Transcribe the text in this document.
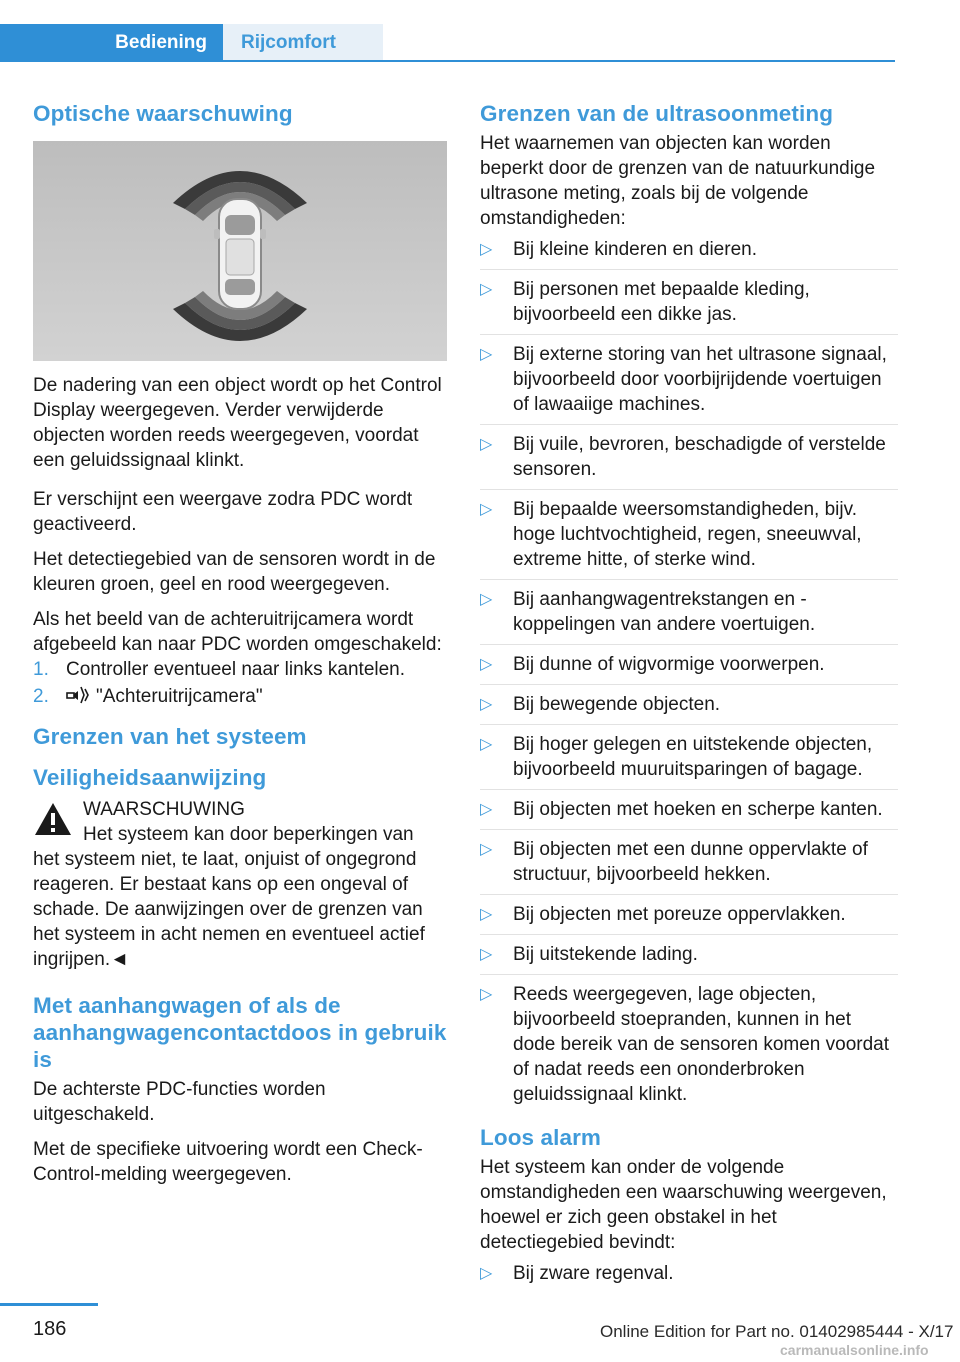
Bediening	Rijcomfort
Optische waarschuwing

De nadering van een object wordt op het Control Display weergegeven. Verder verwijderde objecten worden reeds weergegeven, voordat een geluidssignaal klinkt.

Er verschijnt een weergave zodra PDC wordt geactiveerd.

Het detectiegebied van de sensoren wordt in de kleuren groen, geel en rood weergegeven.

Als het beeld van de achteruitrijcamera wordt afgebeeld kan naar PDC worden omgeschakeld:

1. Controller eventueel naar links kantelen.
2. "Achteruitrijcamera"
Grenzen van het systeem
Veiligheidsaanwijzing
WAARSCHUWING
Het systeem kan door beperkingen van
het systeem niet, te laat, onjuist of ongegrond reageren. Er bestaat kans op een ongeval of schade. De aanwijzingen over de grenzen van het systeem in acht nemen en eventueel actief ingrijpen.◄
Met aanhangwagen of als de aanhangwagencontactdoos in gebruik is

De achterste PDC-functies worden uitgeschakeld.

Met de specifieke uitvoering wordt een Check-Control-melding weergegeven.

Grenzen van de ultrasoonmeting

Het waarnemen van objecten kan worden beperkt door de grenzen van de natuurkundige ultrasone meting, zoals bij de volgende omstandigheden:

▷ Bij kleine kinderen en dieren.
▷ Bij personen met bepaalde kleding, bijvoorbeeld een dikke jas.
▷ Bij externe storing van het ultrasone signaal, bijvoorbeeld door voorbijrijdende voertuigen of lawaaiige machines.
▷ Bij vuile, bevroren, beschadigde of verstelde sensoren.
▷ Bij bepaalde weersomstandigheden, bijv. hoge luchtvochtigheid, regen, sneeuwval, extreme hitte, of sterke wind.
▷ Bij aanhangwagentrekstangen en -koppelingen van andere voertuigen.
▷ Bij dunne of wigvormige voorwerpen.
▷ Bij bewegende objecten.
▷ Bij hoger gelegen en uitstekende objecten, bijvoorbeeld muuruitsparingen of bagage.
▷ Bij objecten met hoeken en scherpe kanten.
▷ Bij objecten met een dunne oppervlakte of structuur, bijvoorbeeld hekken.
▷ Bij objecten met poreuze oppervlakken.
▷ Bij uitstekende lading.
▷ Reeds weergegeven, lage objecten, bijvoorbeeld stoepranden, kunnen in het dode bereik van de sensoren komen voordat of nadat reeds een ononderbroken geluidssignaal klinkt.
Loos alarm

Het systeem kan onder de volgende omstandigheden een waarschuwing weergeven, hoewel er zich geen obstakel in het detectiegebied bevindt:

▷ Bij zware regenval.
186	Online Edition for Part no. 01402985444 - X/17
carmanualsonline.info
